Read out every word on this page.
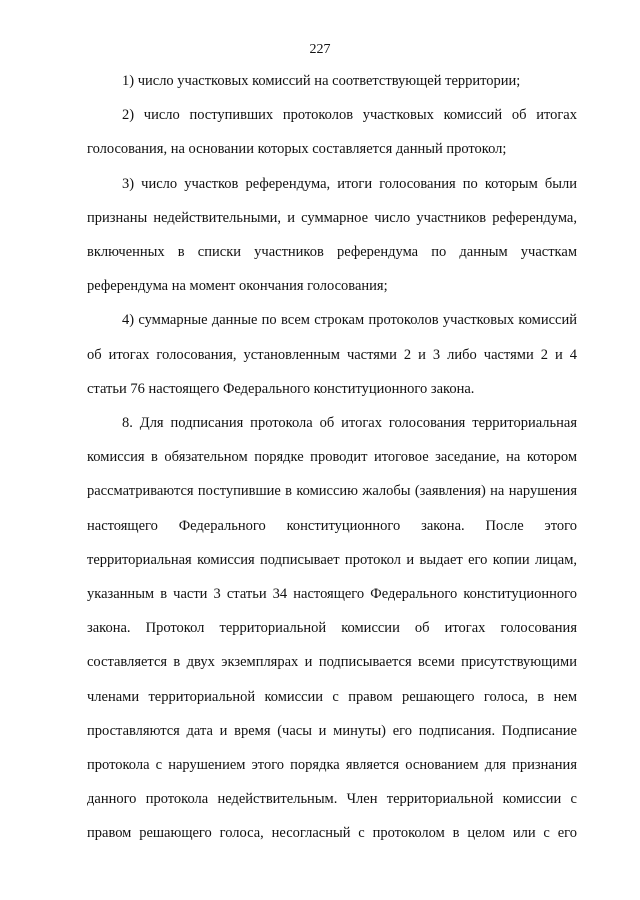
227

1) число участковых комиссий на соответствующей территории;

2) число поступивших протоколов участковых комиссий об итогах голосования, на основании которых составляется данный протокол;

3) число участков референдума, итоги голосования по которым были признаны недействительными, и суммарное число участников референдума, включенных в списки участников референдума по данным участкам референдума на момент окончания голосования;

4) суммарные данные по всем строкам протоколов участковых комиссий об итогах голосования, установленным частями 2 и 3 либо частями 2 и 4 статьи 76 настоящего Федерального конституционного закона.

8. Для подписания протокола об итогах голосования территориальная комиссия в обязательном порядке проводит итоговое заседание, на котором рассматриваются поступившие в комиссию жалобы (заявления) на нарушения настоящего Федерального конституционного закона. После этого территориальная комиссия подписывает протокол и выдает его копии лицам, указанным в части 3 статьи 34 настоящего Федерального конституционного закона. Протокол территориальной комиссии об итогах голосования составляется в двух экземплярах и подписывается всеми присутствующими членами территориальной комиссии с правом решающего голоса, в нем проставляются дата и время (часы и минуты) его подписания. Подписание протокола с нарушением этого порядка является основанием для признания данного протокола недействительным. Член территориальной комиссии с правом решающего голоса, несогласный с протоколом в целом или с его
